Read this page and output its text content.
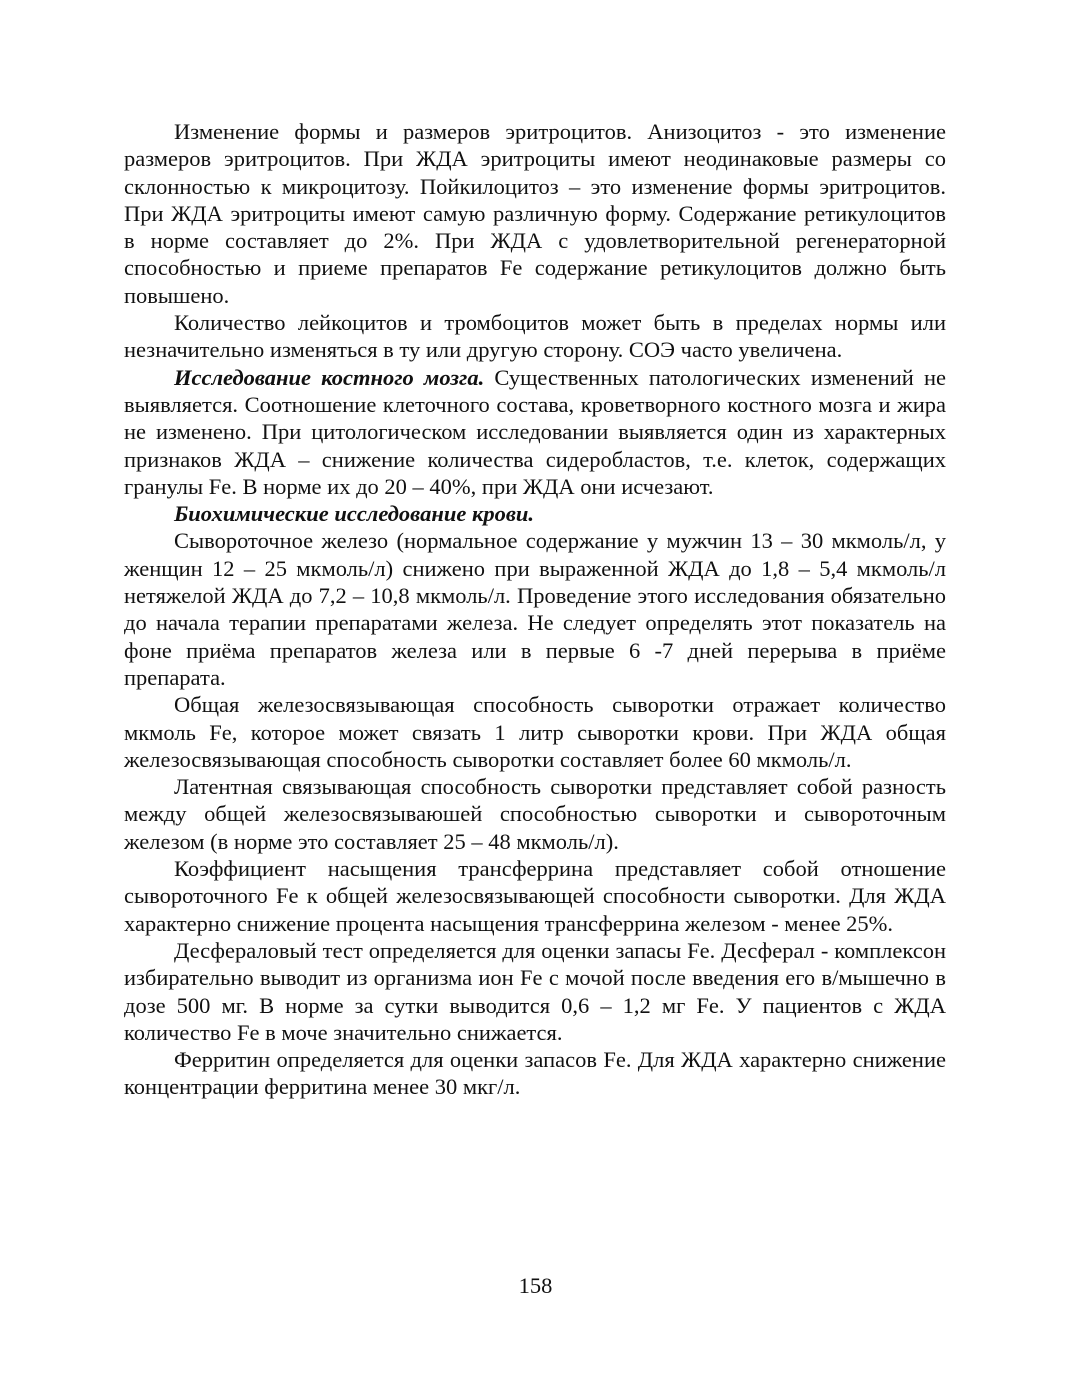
Изменение формы и размеров эритроцитов. Анизоцитоз - это изменение размеров эритроцитов. При ЖДА эритроциты имеют неодинаковые размеры со склонностью к микроцитозу. Пойкилоцитоз – это изменение формы эритроцитов. При ЖДА эритроциты имеют самую различную форму. Содержание ретикулоцитов в норме составляет до 2%. При ЖДА с удовлетворительной регенераторной способностью и приеме препаратов Fe содержание ретикулоцитов должно быть повышено.

Количество лейкоцитов и тромбоцитов может быть в пределах нормы или незначительно изменяться в ту или другую сторону. СОЭ часто увеличена.

Исследование костного мозга. Существенных патологических изменений не выявляется. Соотношение клеточного состава, кроветворного костного мозга и жира не изменено. При цитологическом исследовании выявляется один из характерных признаков ЖДА – снижение количества сидеробластов, т.е. клеток, содержащих гранулы Fe. В норме их до 20 – 40%, при ЖДА они исчезают.

Биохимические исследование крови.

Сывороточное железо (нормальное содержание у мужчин 13 – 30 мкмоль/л, у женщин 12 – 25 мкмоль/л) снижено при выраженной ЖДА до 1,8 – 5,4 мкмоль/л нетяжелой ЖДА до 7,2 – 10,8 мкмоль/л. Проведение этого исследования обязательно до начала терапии препаратами железа. Не следует определять этот показатель на фоне приёма препаратов железа или в первые 6 -7 дней перерыва в приёме препарата.

Общая железосвязывающая способность сыворотки отражает количество мкмоль Fe, которое может связать 1 литр сыворотки крови. При ЖДА общая железосвязывающая способность сыворотки составляет более 60 мкмоль/л.

Латентная связывающая способность сыворотки представляет собой разность между общей железосвязываюшей способностью сыворотки и сывороточным железом (в норме это составляет 25 – 48 мкмоль/л).

Коэффициент насыщения трансферрина представляет собой отношение сывороточного Fe к общей железосвязывающей способности сыворотки. Для ЖДА характерно снижение процента насыщения трансферрина железом - менее 25%.

Десфераловый тест определяется для оценки запасы Fe. Десферал - комплексон избирательно выводит из организма ион Fe с мочой после введения его в/мышечно в дозе 500 мг. В норме за сутки выводится 0,6 – 1,2 мг Fe. У пациентов с ЖДА количество Fe в моче значительно снижается.

Ферритин определяется для оценки запасов Fe. Для ЖДА характерно снижение концентрации ферритина менее 30 мкг/л.

158
